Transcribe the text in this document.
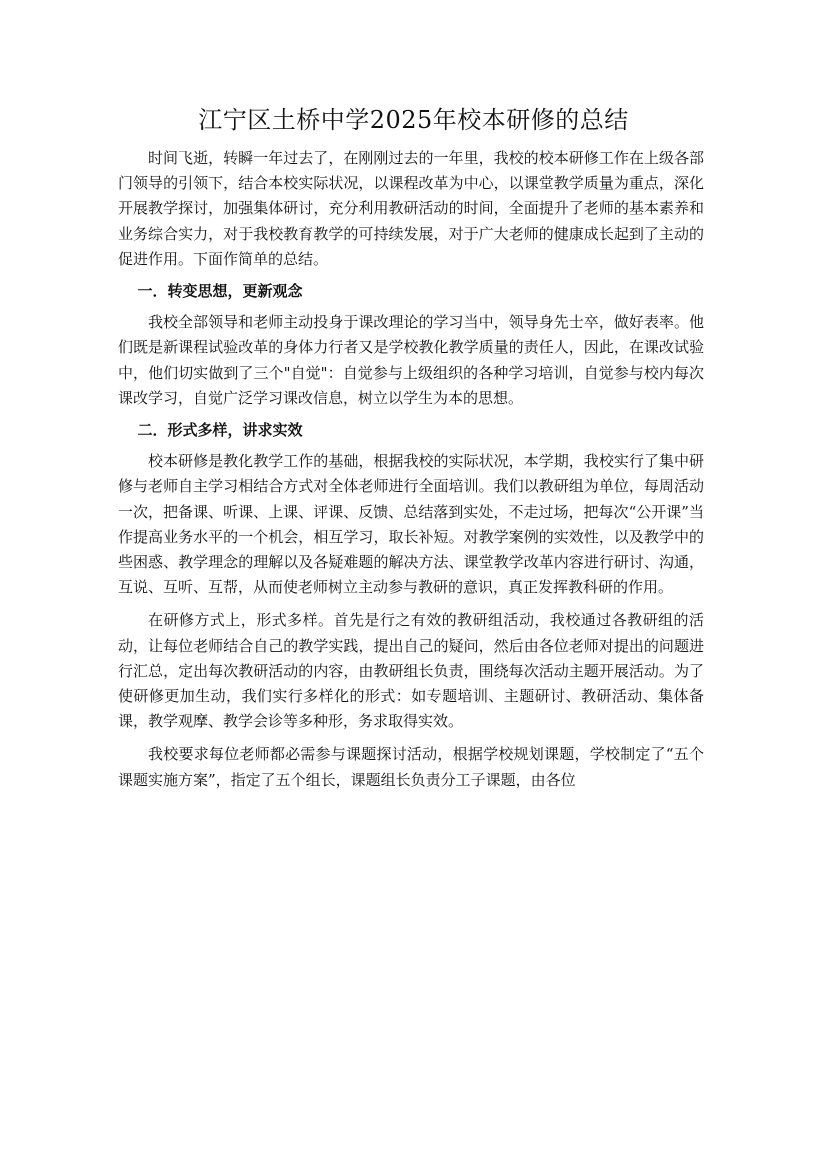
江宁区土桥中学2025年校本研修的总结

时间飞逝，转瞬一年过去了，在刚刚过去的一年里，我校的校本研修工作在上级各部门领导的引领下，结合本校实际状况，以课程改革为中心，以课堂教学质量为重点，深化开展教学探讨，加强集体研讨，充分利用教研活动的时间，全面提升了老师的基本素养和业务综合实力，对于我校教育教学的可持续发展，对于广大老师的健康成长起到了主动的促进作用。下面作简单的总结。

一．转变思想，更新观念

我校全部领导和老师主动投身于课改理论的学习当中，领导身先士卒，做好表率。他们既是新课程试验改革的身体力行者又是学校教化教学质量的责任人，因此，在课改试验中，他们切实做到了三个"自觉"：自觉参与上级组织的各种学习培训，自觉参与校内每次课改学习，自觉广泛学习课改信息，树立以学生为本的思想。

二．形式多样，讲求实效

校本研修是教化教学工作的基础，根据我校的实际状况，本学期，我校实行了集中研修与老师自主学习相结合方式对全体老师进行全面培训。我们以教研组为单位，每周活动一次，把备课、听课、上课、评课、反馈、总结落到实处，不走过场，把每次“公开课”当作提高业务水平的一个机会，相互学习，取长补短。对教学案例的实效性，以及教学中的些困惑、教学理念的理解以及各疑难题的解决方法、课堂教学改革内容进行研讨、沟通，互说、互听、互帮，从而使老师树立主动参与教研的意识，真正发挥教科研的作用。

在研修方式上，形式多样。首先是行之有效的教研组活动，我校通过各教研组的活动，让每位老师结合自己的教学实践，提出自己的疑问，然后由各位老师对提出的问题进行汇总，定出每次教研活动的内容，由教研组长负责，围绕每次活动主题开展活动。为了使研修更加生动，我们实行多样化的形式：如专题培训、主题研讨、教研活动、集体备课，教学观摩、教学会诊等多种形，务求取得实效。

我校要求每位老师都必需参与课题探讨活动，根据学校规划课题，学校制定了“五个课题实施方案”，指定了五个组长，课题组长负责分工子课题，由各位
